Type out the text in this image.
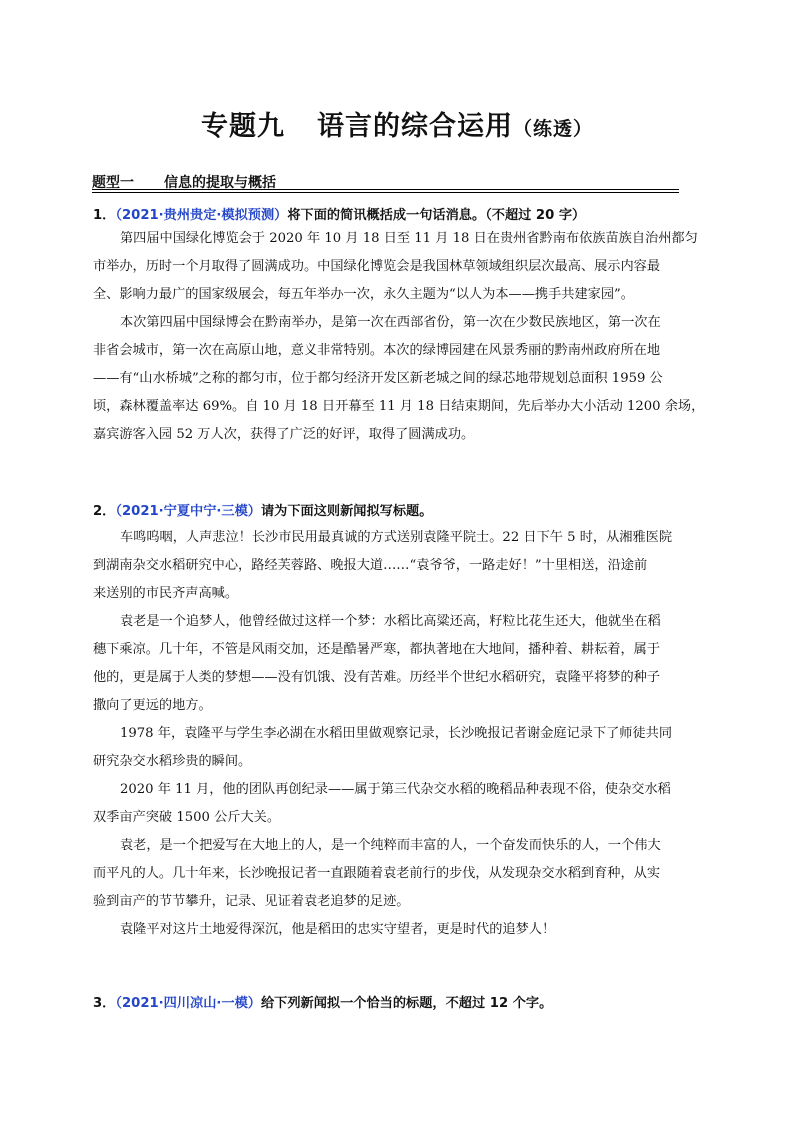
专题九 语言的综合运用（练透）
题型一 信息的提取与概括
1．（2021·贵州贵定·模拟预测）将下面的简讯概括成一句话消息。（不超过 20 字）
第四届中国绿化博览会于 2020 年 10 月 18 日至 11 月 18 日在贵州省黔南布依族苗族自治州都匀
市举办，历时一个月取得了圆满成功。中国绿化博览会是我国林草领域组织层次最高、展示内容最
全、影响力最广的国家级展会，每五年举办一次，永久主题为“以人为本——携手共建家园”。
本次第四届中国绿博会在黔南举办，是第一次在西部省份，第一次在少数民族地区，第一次在
非省会城市，第一次在高原山地，意义非常特别。本次的绿博园建在风景秀丽的黔南州政府所在地
——有“山水桥城”之称的都匀市，位于都匀经济开发区新老城之间的绿芯地带规划总面积 1959 公
顷，森林覆盖率达 69%。自 10 月 18 日开幕至 11 月 18 日结束期间，先后举办大小活动 1200 余场，
嘉宾游客入园 52 万人次，获得了广泛的好评，取得了圆满成功。
2．（2021·宁夏中宁·三模）请为下面这则新闻拟写标题。
车鸣呜咽，人声悲泣！长沙市民用最真诚的方式送别袁隆平院士。22 日下午 5 时，从湘雅医院
到湖南杂交水稻研究中心，路经芙蓉路、晚报大道……“袁爷爷，一路走好！”十里相送，沿途前
来送别的市民齐声高喊。
袁老是一个追梦人，他曾经做过这样一个梦：水稻比高粱还高，籽粒比花生还大，他就坐在稻
穗下乘凉。几十年，不管是风雨交加，还是酷暑严寒，都执著地在大地间，播种着、耕耘着，属于
他的，更是属于人类的梦想——没有饥饿、没有苦难。历经半个世纪水稻研究，袁隆平将梦的种子
撒向了更远的地方。
1978 年，袁隆平与学生李必湖在水稻田里做观察记录，长沙晚报记者谢金庭记录下了师徒共同
研究杂交水稻珍贵的瞬间。
2020 年 11 月，他的团队再创纪录——属于第三代杂交水稻的晚稻品种表现不俗，使杂交水稻
双季亩产突破 1500 公斤大关。
袁老，是一个把爱写在大地上的人，是一个纯粹而丰富的人，一个奋发而快乐的人，一个伟大
而平凡的人。几十年来，长沙晚报记者一直跟随着袁老前行的步伐，从发现杂交水稻到育种，从实
验到亩产的节节攀升，记录、见证着袁老追梦的足迹。
袁隆平对这片土地爱得深沉，他是稻田的忠实守望者，更是时代的追梦人！
3．（2021·四川凉山·一模）给下列新闻拟一个恰当的标题，不超过 12 个字。
